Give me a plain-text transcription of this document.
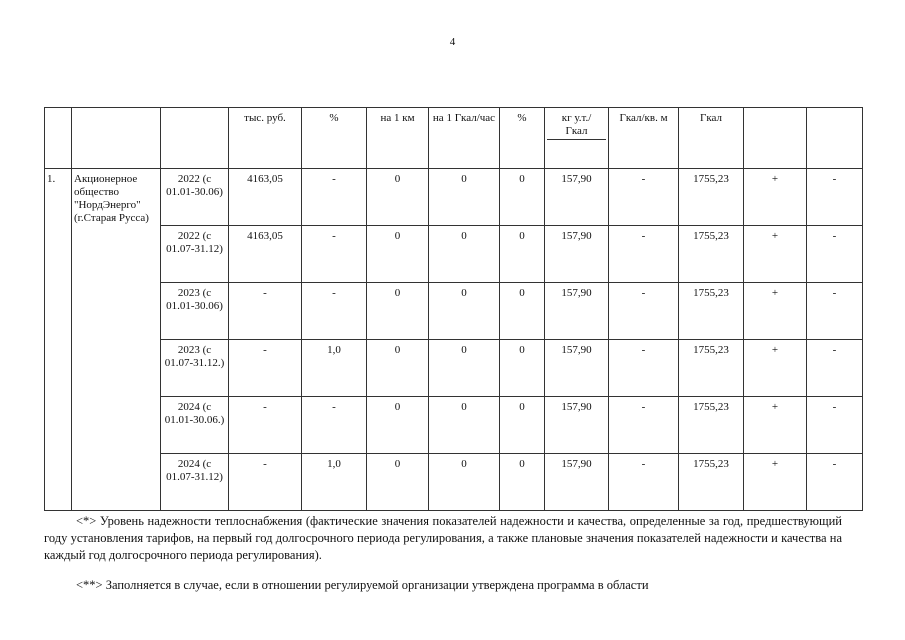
4
			тыс. руб.	%	на 1 км	на 1 Гкал/час	%	кг у.т./Гкал	Гкал/кв. м	Гкал		
1.	Акционерное общество "НордЭнерго" (г.Старая Русса)	2022 (с 01.01-30.06)	4163,05	-	0	0	0	157,90	-	1755,23	+	-
		2022 (с 01.07-31.12)	4163,05	-	0	0	0	157,90	-	1755,23	+	-
		2023 (с 01.01-30.06)	-	-	0	0	0	157,90	-	1755,23	+	-
		2023 (с 01.07-31.12.)	-	1,0	0	0	0	157,90	-	1755,23	+	-
		2024 (с 01.01-30.06.)	-	-	0	0	0	157,90	-	1755,23	+	-
		2024 (с 01.07-31.12)	-	1,0	0	0	0	157,90	-	1755,23	+	-

<*> Уровень надежности теплоснабжения (фактические значения показателей надежности и качества, определенные за год, предшествующий году установления тарифов, на первый год долгосрочного периода регулирования, а также плановые значения показателей надежности и качества на каждый год долгосрочного периода регулирования).

<**> Заполняется в случае, если в отношении регулируемой организации утверждена программа в области
